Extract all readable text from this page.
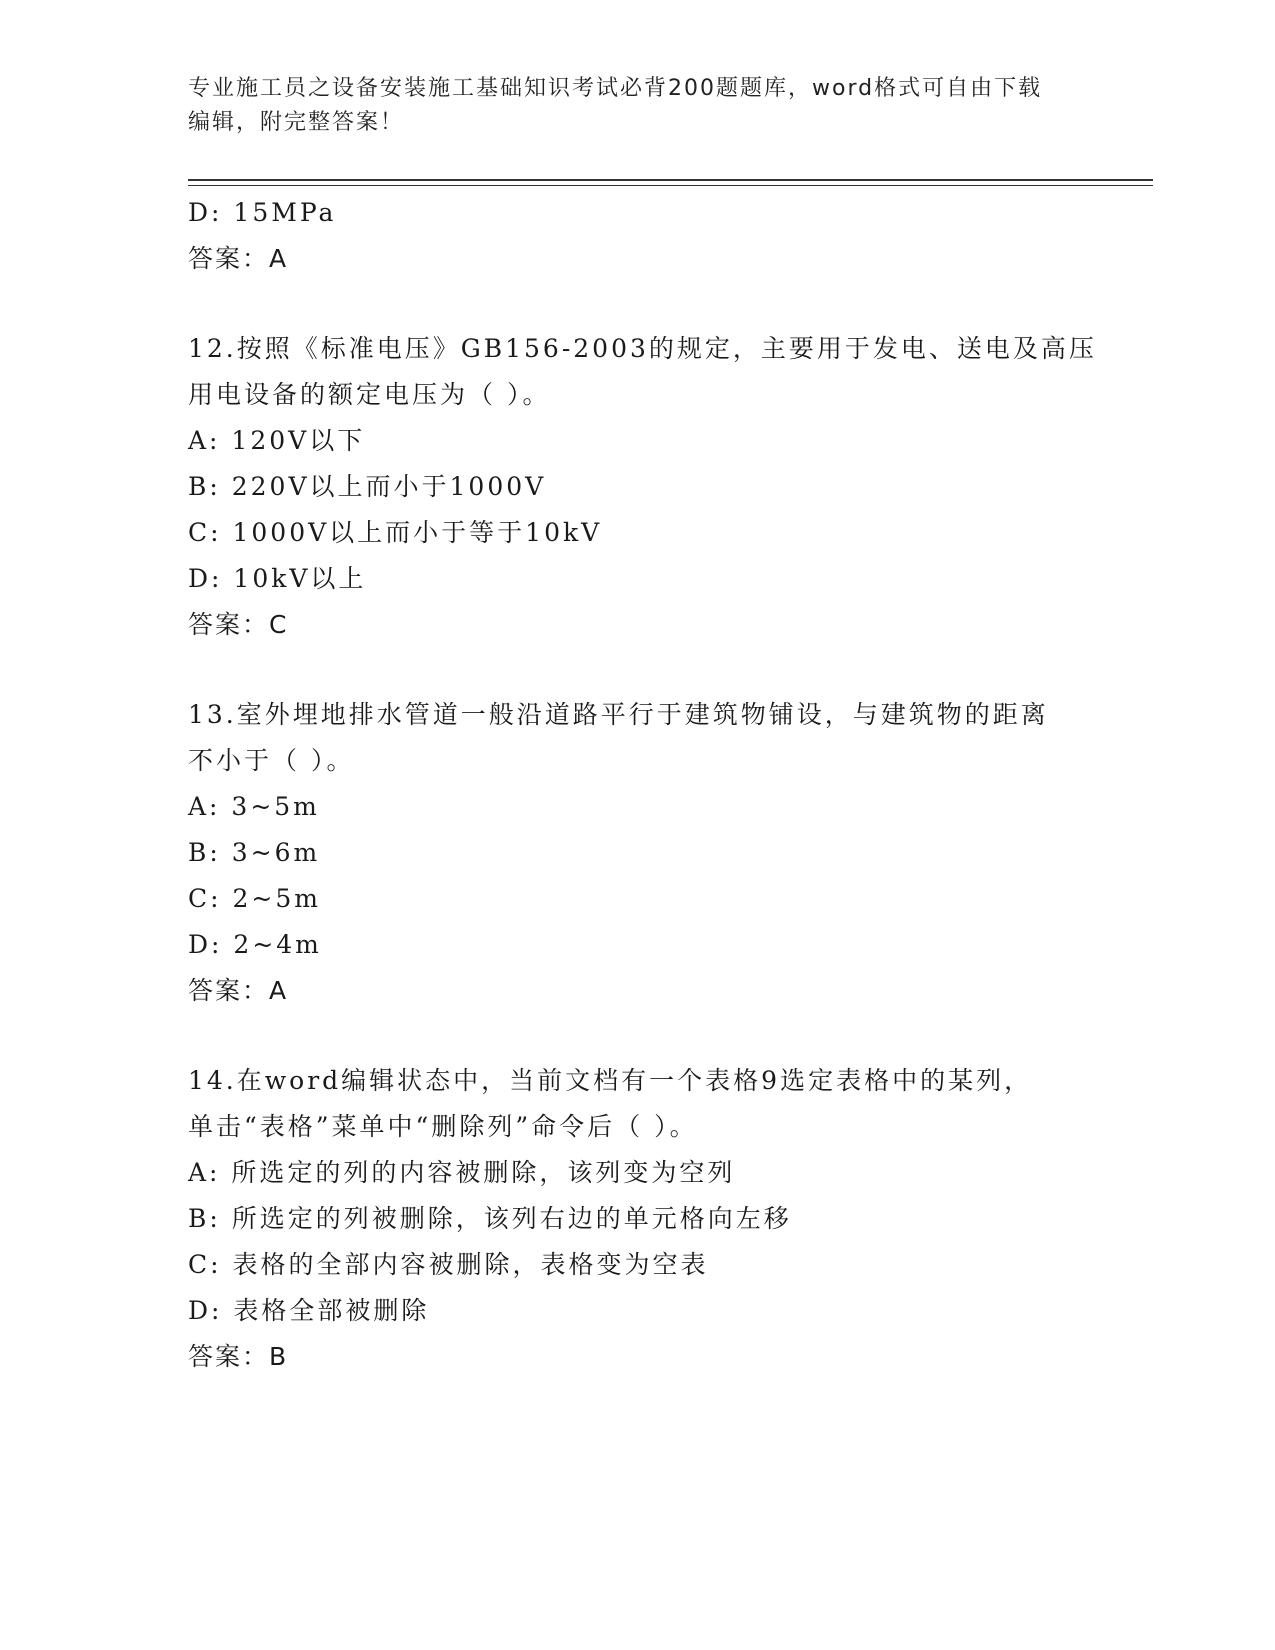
专业施工员之设备安装施工基础知识考试必背200题题库，word格式可自由下载
编辑，附完整答案！
D: 15MPa
答案：A
12.按照《标准电压》GB156-2003的规定，主要用于发电、送电及高压
用电设备的额定电压为（ ）。
A: 120V以下
B: 220V以上而小于1000V
C: 1000V以上而小于等于10kV
D: 10kV以上
答案：C
13.室外埋地排水管道一般沿道路平行于建筑物铺设，与建筑物的距离
不小于（ ）。
A: 3~5m
B: 3~6m
C: 2~5m
D: 2~4m
答案：A
14.在word编辑状态中，当前文档有一个表格9选定表格中的某列，
单击“表格”菜单中“删除列”命令后（ ）。
A: 所选定的列的内容被删除，该列变为空列
B: 所选定的列被删除，该列右边的单元格向左移
C: 表格的全部内容被删除，表格变为空表
D: 表格全部被删除
答案：B
